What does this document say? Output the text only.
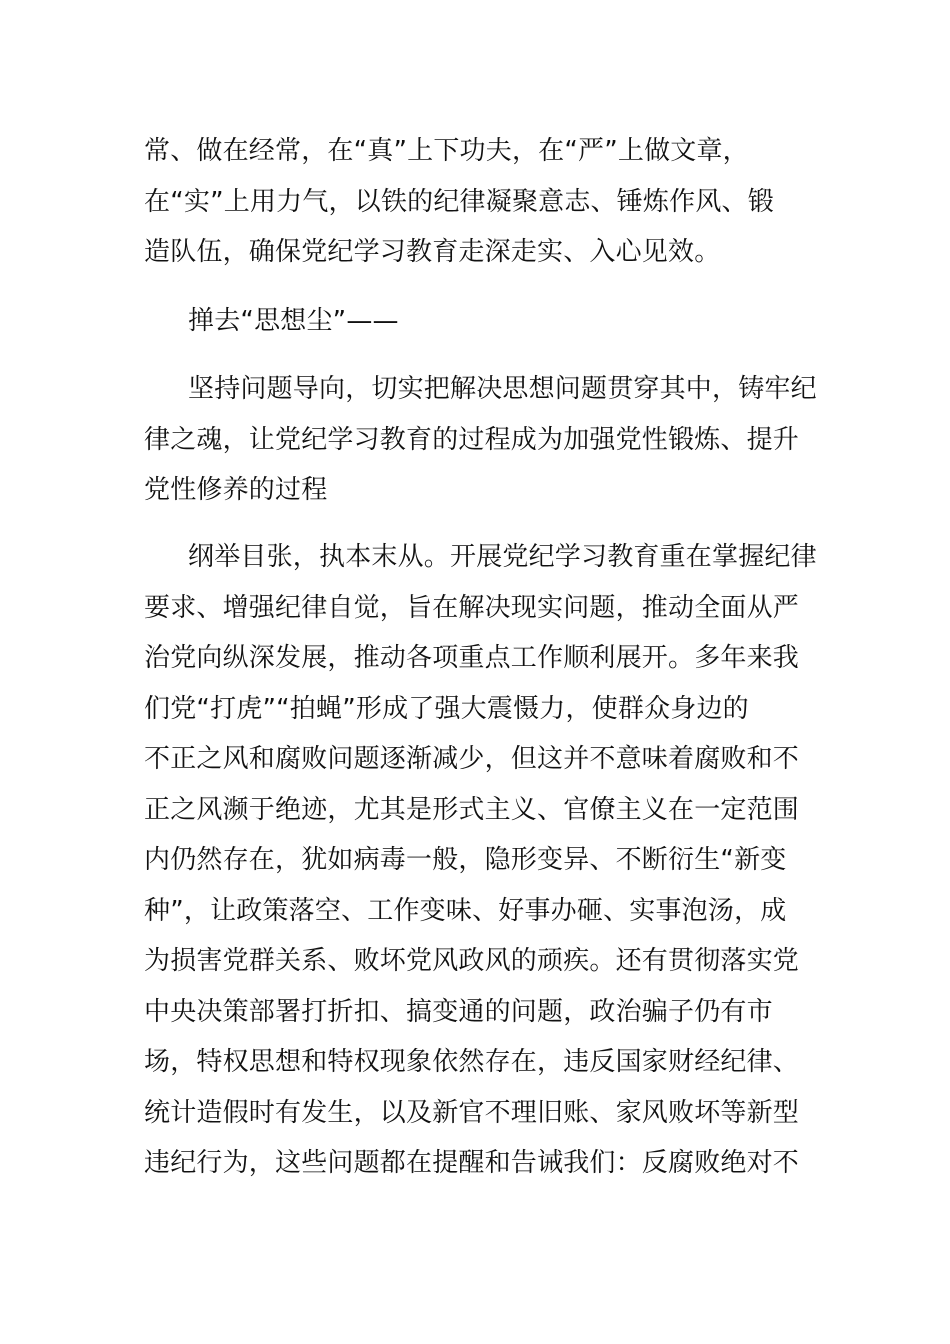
常、做在经常，在“真”上下功夫，在“严”上做文章，
在“实”上用力气，以铁的纪律凝聚意志、锤炼作风、锻
造队伍，确保党纪学习教育走深走实、入心见效。
掸去“思想尘”——
坚持问题导向，切实把解决思想问题贯穿其中，铸牢纪
律之魂，让党纪学习教育的过程成为加强党性锻炼、提升
党性修养的过程
纲举目张，执本末从。开展党纪学习教育重在掌握纪律
要求、增强纪律自觉，旨在解决现实问题，推动全面从严
治党向纵深发展，推动各项重点工作顺利展开。多年来我
们党“打虎”“拍蝇”形成了强大震慑力，使群众身边的
不正之风和腐败问题逐渐减少，但这并不意味着腐败和不
正之风濒于绝迹，尤其是形式主义、官僚主义在一定范围
内仍然存在，犹如病毒一般，隐形变异、不断衍生“新变
种”，让政策落空、工作变味、好事办砸、实事泡汤，成
为损害党群关系、败坏党风政风的顽疾。还有贯彻落实党
中央决策部署打折扣、搞变通的问题，政治骗子仍有市
场，特权思想和特权现象依然存在，违反国家财经纪律、
统计造假时有发生，以及新官不理旧账、家风败坏等新型
违纪行为，这些问题都在提醒和告诫我们：反腐败绝对不
